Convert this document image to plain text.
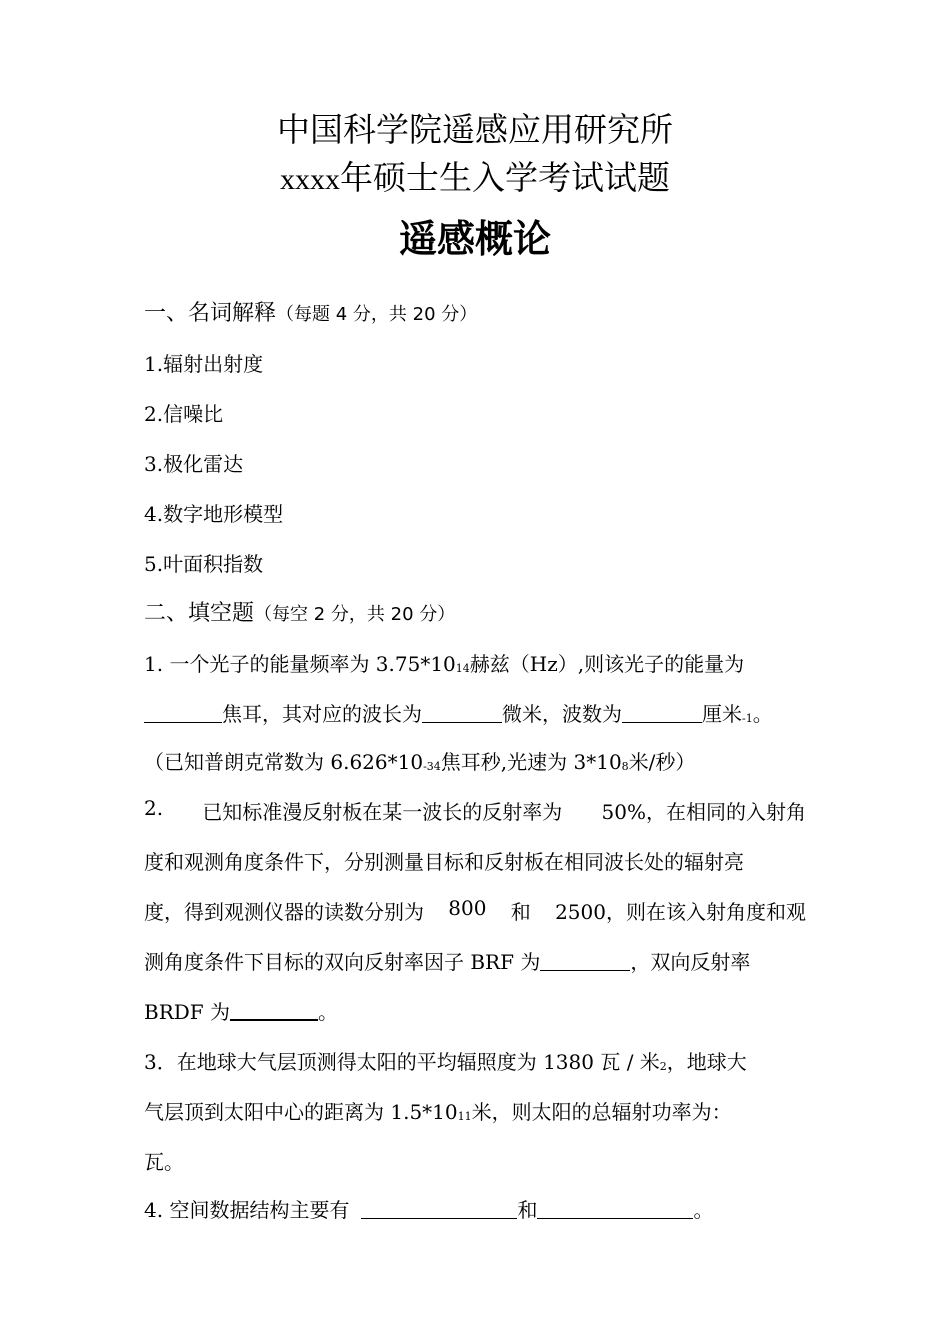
中国科学院遥感应用研究所
xxxx年硕士生入学考试试题
遥感概论
一、名词解释（每题 4 分，共 20 分）
1.辐射出射度
2.信噪比
3.极化雷达
4.数字地形模型
5.叶面积指数
二、填空题（每空 2 分，共 20 分）
1. 一个光子的能量频率为 $3.75*10^{14}$赫兹（Hz）,则该光子的能量为
焦耳，其对应的波长为	微米，波数为	厘米$^{-1}$。
（已知普朗克常数为 $6.626*10^{-34}$焦耳秒,光速为 $3*10^8$米/秒）
2. 已知标准漫反射板在某一波长的反射率为 50%，在相同的入射角
度和观测角度条件下，分别测量目标和反射板在相同波长处的辐射亮
度，得到观测仪器的读数分别为 800 和 2500，则在该入射角度和观
测角度条件下目标的双向反射率因子 BRF 为	，双向反射率
BRDF 为	。
3．在地球大气层顶测得太阳的平均辐照度为 1380 瓦 / 米$^2$，地球大
气层顶到太阳中心的距离为 $1.5*10^{11}$米，则太阳的总辐射功率为：
瓦。
4. 空间数据结构主要有	和	。
